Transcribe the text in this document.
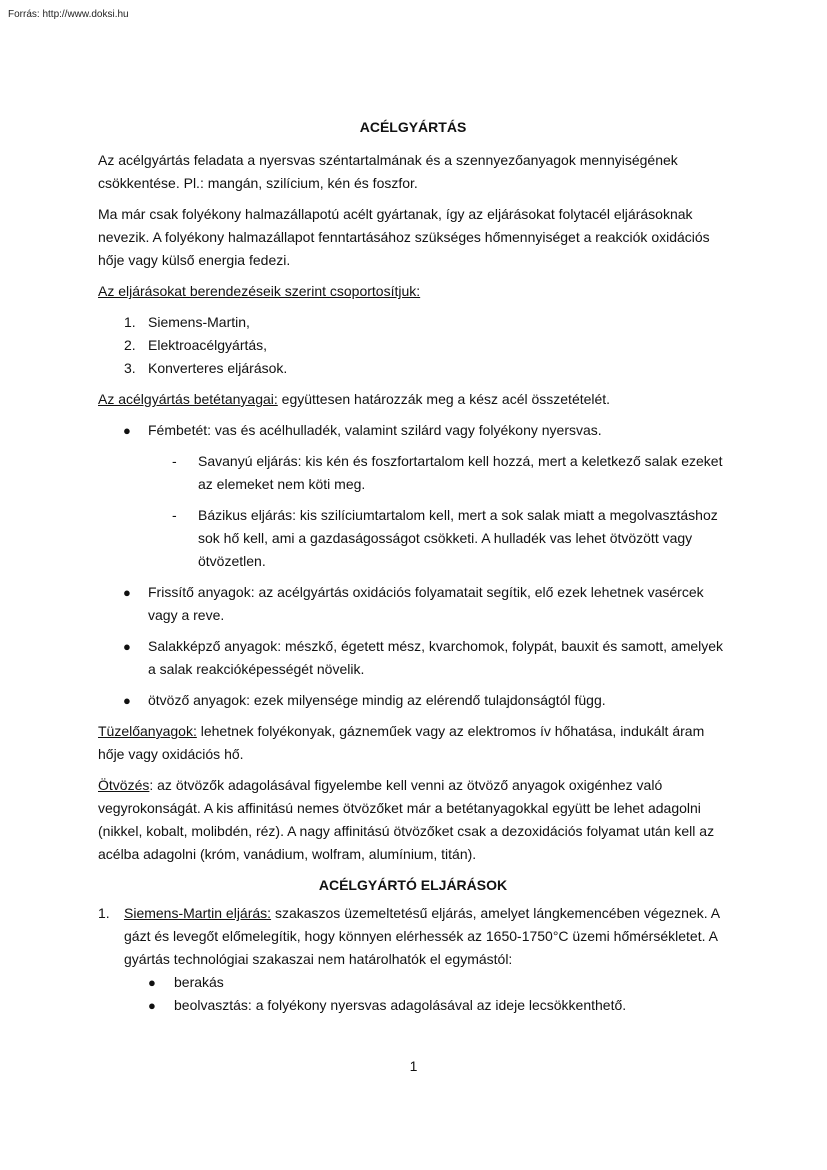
Forrás: http://www.doksi.hu
ACÉLGYÁRTÁS

Az acélgyártás feladata a nyersvas széntartalmának és a szennyezőanyagok mennyiségének csökkentése. Pl.: mangán, szilícium, kén és foszfor.

Ma már csak folyékony halmazállapotú acélt gyártanak, így az eljárásokat folytacél eljárásoknak nevezik. A folyékony halmazállapot fenntartásához szükséges hőmennyiséget a reakciók oxidációs hője vagy külső energia fedezi.

Az eljárásokat berendezéseik szerint csoportosítjuk:

1. Siemens-Martin,
2. Elektroacélgyártás,
3. Konverteres eljárások.

Az acélgyártás betétanyagai: együttesen határozzák meg a kész acél összetételét.

● Fémbetét: vas és acélhulladék, valamint szilárd vagy folyékony nyersvas.
- Savanyú eljárás: kis kén és foszfortartalom kell hozzá, mert a keletkező salak ezeket az elemeket nem köti meg.
- Bázikus eljárás: kis szilíciumtartalom kell, mert a sok salak miatt a megolvasztáshoz sok hő kell, ami a gazdaságosságot csökketi. A hulladék vas lehet ötvözött vagy ötvözetlen.
● Frissítő anyagok: az acélgyártás oxidációs folyamatait segítik, elő ezek lehetnek vasércek vagy a reve.
● Salakképző anyagok: mészkő, égetett mész, kvarchomok, folypát, bauxit és samott, amelyek a salak reakcióképességét növelik.
● ötvöző anyagok: ezek milyensége mindig az elérendő tulajdonságtól függ.

Tüzelőanyagok: lehetnek folyékonyak, gázneműek vagy az elektromos ív hőhatása, indukált áram hője vagy oxidációs hő.

Ötvözés: az ötvözők adagolásával figyelembe kell venni az ötvöző anyagok oxigénhez való vegyrokonságát. A kis affinitású nemes ötvözőket már a betétanyagokkal együtt be lehet adagolni (nikkel, kobalt, molibdén, réz). A nagy affinitású ötvözőket csak a dezoxidációs folyamat után kell az acélba adagolni (króm, vanádium, wolfram, alumínium, titán).

ACÉLGYÁRTÓ ELJÁRÁSOK
1. Siemens-Martin eljárás: szakaszos üzemeltetésű eljárás, amelyet lángkemencében végeznek. A gázt és levegőt előmelegítik, hogy könnyen elérhessék az 1650-1750°C üzemi hőmérsékletet. A gyártás technológiai szakaszai nem határolhatók el egymástól:
● berakás
● beolvasztás: a folyékony nyersvas adagolásával az ideje lecsökkenthető.
1
